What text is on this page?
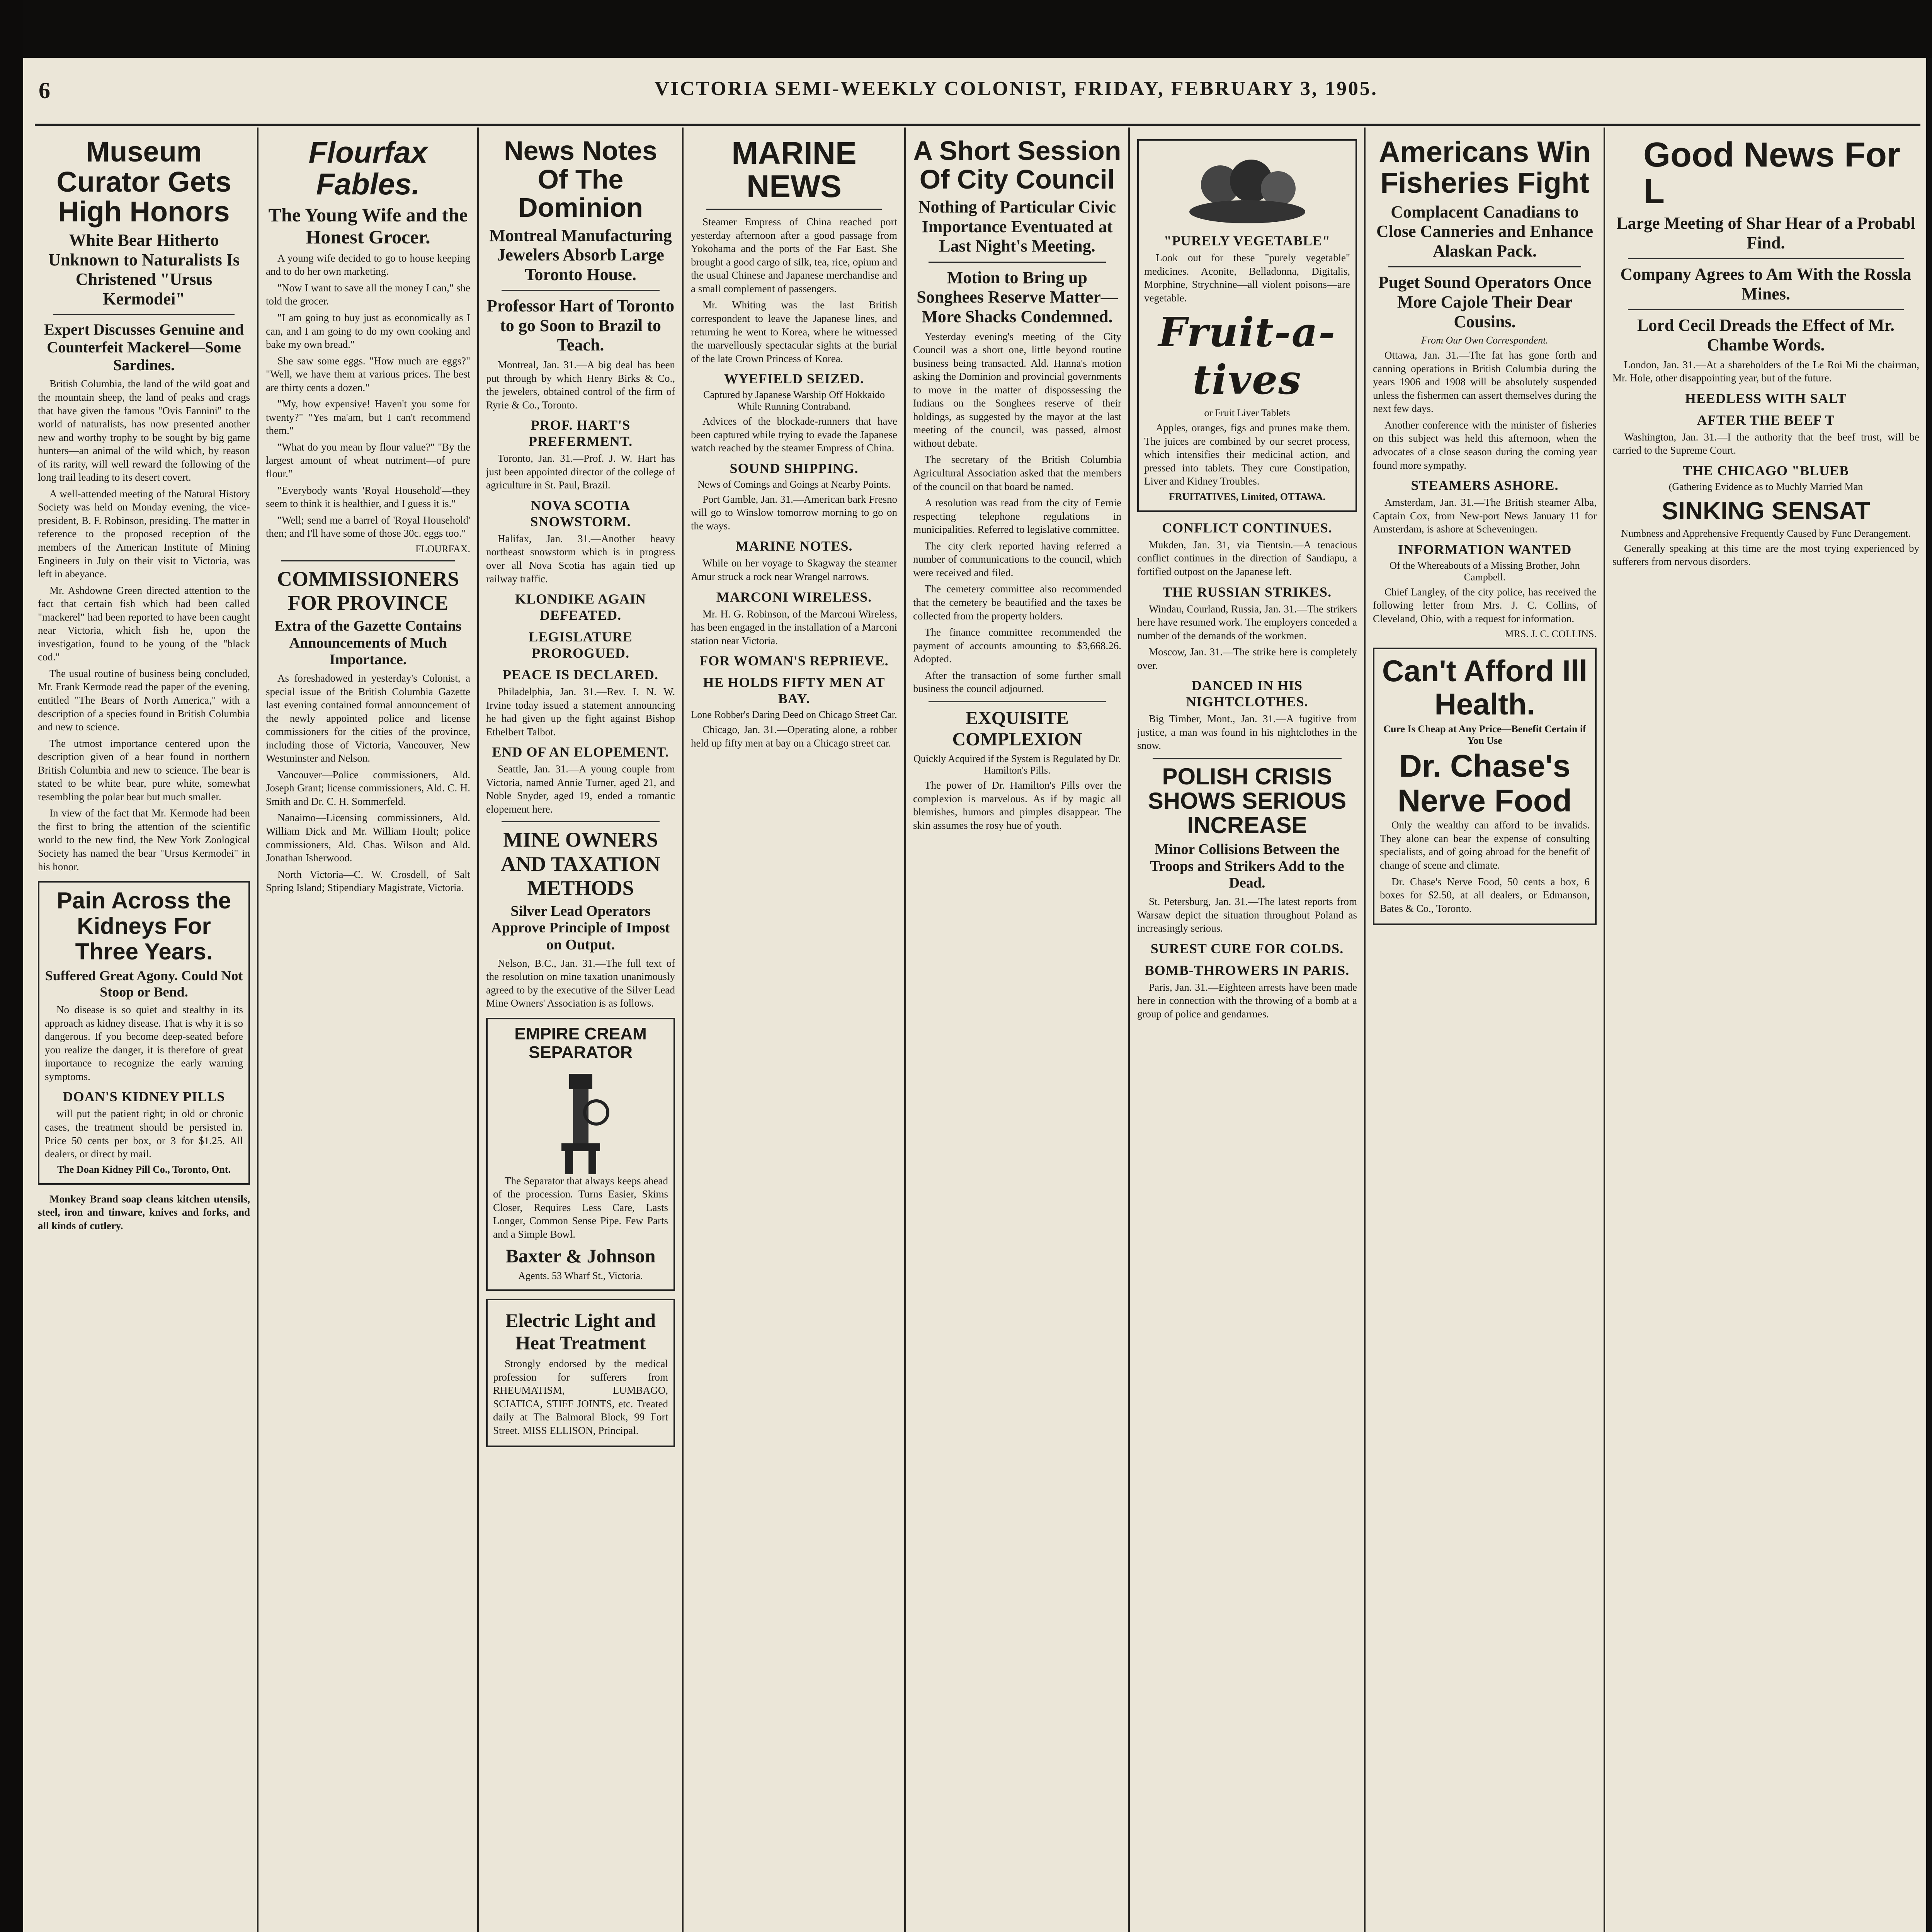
6	VICTORIA SEMI-WEEKLY COLONIST, FRIDAY, FEBRUARY 3, 1905.
Museum Curator Gets High Honors
White Bear Hitherto Unknown to Naturalists Is Christened "Ursus Kermodei"
Expert Discusses Genuine and Counterfeit Mackerel—Some Sardines.

British Columbia, the land of the wild goat and the mountain sheep, the land of peaks and crags that have given the famous "Ovis Fannini" to the world of naturalists, has now presented another new and worthy trophy to be sought by big game hunters—an animal of the wild which, by reason of its rarity, will well reward the following of the long trail leading to its desert covert.

A well-attended meeting of the Natural History Society was held on Monday evening, the vice-president, B. F. Robinson, presiding. The matter in reference to the proposed reception of the members of the American Institute of Mining Engineers in July on their visit to Victoria, was left in abeyance.

Mr. Ashdowne Green directed attention to the fact that certain fish which had been called "mackerel" had been reported to have been caught near Victoria, which fish he, upon the investigation, found to be young of the "black cod."

The usual routine of business being concluded, Mr. Frank Kermode read the paper of the evening, entitled "The Bears of North America," with a description of a species found in British Columbia and new to science.

The utmost importance centered upon the description given of a bear found in northern British Columbia and new to science. The bear is stated to be white bear, pure white, somewhat resembling the polar bear but much smaller.

In view of the fact that Mr. Kermode had been the first to bring the attention of the scientific world to the new find, the New York Zoological Society has named the bear "Ursus Kermodei" in his honor.

Pain Across the Kidneys For Three Years.
Suffered Great Agony. Could Not Stoop or Bend.

No disease is so quiet and stealthy in its approach as kidney disease. That is why it is so dangerous. If you become deep-seated before you realize the danger, it is therefore of great importance to recognize the early warning symptoms.

DOAN'S KIDNEY PILLS

will put the patient right; in old or chronic cases, the treatment should be persisted in. Price 50 cents per box, or 3 for $1.25. All dealers, or direct by mail.

The Doan Kidney Pill Co., Toronto, Ont.

Monkey Brand soap cleans kitchen utensils, steel, iron and tinware, knives and forks, and all kinds of cutlery.

Flourfax Fables.
The Young Wife and the Honest Grocer.

A young wife decided to go to house keeping and to do her own marketing.

"Now I want to save all the money I can," she told the grocer.

"I am going to buy just as economically as I can, and I am going to do my own cooking and bake my own bread."

She saw some eggs. "How much are eggs?" "Well, we have them at various prices. The best are thirty cents a dozen."

"My, how expensive! Haven't you some for twenty?" "Yes ma'am, but I can't recommend them."

"What do you mean by flour value?" "By the largest amount of wheat nutriment—of pure flour."

"Everybody wants 'Royal Household'—they seem to think it is healthier, and I guess it is."

"Well; send me a barrel of 'Royal Household' then; and I'll have some of those 30c. eggs too."

FLOURFAX.
COMMISSIONERS FOR PROVINCE
Extra of the Gazette Contains Announcements of Much Importance.

As foreshadowed in yesterday's Colonist, a special issue of the British Columbia Gazette last evening contained formal announcement of the newly appointed police and license commissioners for the cities of the province, including those of Victoria, Vancouver, New Westminster and Nelson.

Vancouver—Police commissioners, Ald. Joseph Grant; license commissioners, Ald. C. H. Smith and Dr. C. H. Sommerfeld.

Nanaimo—Licensing commissioners, Ald. William Dick and Mr. William Hoult; police commissioners, Ald. Chas. Wilson and Ald. Jonathan Isherwood.

North Victoria—C. W. Crosdell, of Salt Spring Island; Stipendiary Magistrate, Victoria.

News Notes Of The Dominion
Montreal Manufacturing Jewelers Absorb Large Toronto House.
Professor Hart of Toronto to go Soon to Brazil to Teach.

Montreal, Jan. 31.—A big deal has been put through by which Henry Birks & Co., the jewelers, obtained control of the firm of Ryrie & Co., Toronto.

PROF. HART'S PREFERMENT.

Toronto, Jan. 31.—Prof. J. W. Hart has just been appointed director of the college of agriculture in St. Paul, Brazil.

NOVA SCOTIA SNOWSTORM.

Halifax, Jan. 31.—Another heavy northeast snowstorm which is in progress over all Nova Scotia has again tied up railway traffic.

KLONDIKE AGAIN DEFEATED.
LEGISLATURE PROROGUED.
PEACE IS DECLARED.

Philadelphia, Jan. 31.—Rev. I. N. W. Irvine today issued a statement announcing he had given up the fight against Bishop Ethelbert Talbot.

END OF AN ELOPEMENT.

Seattle, Jan. 31.—A young couple from Victoria, named Annie Turner, aged 21, and Noble Snyder, aged 19, ended a romantic elopement here.

MINE OWNERS AND TAXATION METHODS
Silver Lead Operators Approve Principle of Impost on Output.

Nelson, B.C., Jan. 31.—The full text of the resolution on mine taxation unanimously agreed to by the executive of the Silver Lead Mine Owners' Association is as follows.

EMPIRE CREAM SEPARATOR

The Separator that always keeps ahead of the procession. Turns Easier, Skims Closer, Requires Less Care, Lasts Longer, Common Sense Pipe. Few Parts and a Simple Bowl.

Baxter & Johnson
Agents. 53 Wharf St., Victoria.
Electric Light and Heat Treatment

Strongly endorsed by the medical profession for sufferers from RHEUMATISM, LUMBAGO, SCIATICA, STIFF JOINTS, etc. Treated daily at The Balmoral Block, 99 Fort Street. MISS ELLISON, Principal.

MARINE NEWS

Steamer Empress of China reached port yesterday afternoon after a good passage from Yokohama and the ports of the Far East. She brought a good cargo of silk, tea, rice, opium and the usual Chinese and Japanese merchandise and a small complement of passengers.

Mr. Whiting was the last British correspondent to leave the Japanese lines, and returning he went to Korea, where he witnessed the marvellously spectacular sights at the burial of the late Crown Princess of Korea.

WYEFIELD SEIZED.
Captured by Japanese Warship Off Hokkaido While Running Contraband.

Advices of the blockade-runners that have been captured while trying to evade the Japanese watch reached by the steamer Empress of China.

SOUND SHIPPING.
News of Comings and Goings at Nearby Points.

Port Gamble, Jan. 31.—American bark Fresno will go to Winslow tomorrow morning to go on the ways.

MARINE NOTES.

While on her voyage to Skagway the steamer Amur struck a rock near Wrangel narrows.

MARCONI WIRELESS.

Mr. H. G. Robinson, of the Marconi Wireless, has been engaged in the installation of a Marconi station near Victoria.

FOR WOMAN'S REPRIEVE.
HE HOLDS FIFTY MEN AT BAY.
Lone Robber's Daring Deed on Chicago Street Car.

Chicago, Jan. 31.—Operating alone, a robber held up fifty men at bay on a Chicago street car.

A Short Session Of City Council
Nothing of Particular Civic Importance Eventuated at Last Night's Meeting.
Motion to Bring up Songhees Reserve Matter—More Shacks Condemned.

Yesterday evening's meeting of the City Council was a short one, little beyond routine business being transacted. Ald. Hanna's motion asking the Dominion and provincial governments to move in the matter of dispossessing the Indians on the Songhees reserve of their holdings, as suggested by the mayor at the last meeting of the council, was passed, almost without debate.

The secretary of the British Columbia Agricultural Association asked that the members of the council on that board be named.

A resolution was read from the city of Fernie respecting telephone regulations in municipalities. Referred to legislative committee.

The city clerk reported having referred a number of communications to the council, which were received and filed.

The cemetery committee also recommended that the cemetery be beautified and the taxes be collected from the property holders.

The finance committee recommended the payment of accounts amounting to $3,668.26. Adopted.

After the transaction of some further small business the council adjourned.

EXQUISITE COMPLEXION
Quickly Acquired if the System is Regulated by Dr. Hamilton's Pills.

The power of Dr. Hamilton's Pills over the complexion is marvelous. As if by magic all blemishes, humors and pimples disappear. The skin assumes the rosy hue of youth.

"PURELY VEGETABLE"

Look out for these "purely vegetable" medicines. Aconite, Belladonna, Digitalis, Morphine, Strychnine—all violent poisons—are vegetable.

Fruit-a-tives
or Fruit Liver Tablets

Apples, oranges, figs and prunes make them. The juices are combined by our secret process, which intensifies their medicinal action, and pressed into tablets. They cure Constipation, Liver and Kidney Troubles.

FRUITATIVES, Limited, OTTAWA.
CONFLICT CONTINUES.

Mukden, Jan. 31, via Tientsin.—A tenacious conflict continues in the direction of Sandiapu, a fortified outpost on the Japanese left.

THE RUSSIAN STRIKES.

Windau, Courland, Russia, Jan. 31.—The strikers here have resumed work. The employers conceded a number of the demands of the workmen.

Moscow, Jan. 31.—The strike here is completely over.

DANCED IN HIS NIGHTCLOTHES.

Big Timber, Mont., Jan. 31.—A fugitive from justice, a man was found in his nightclothes in the snow.

POLISH CRISIS SHOWS SERIOUS INCREASE
Minor Collisions Between the Troops and Strikers Add to the Dead.

St. Petersburg, Jan. 31.—The latest reports from Warsaw depict the situation throughout Poland as increasingly serious.

SUREST CURE FOR COLDS.
BOMB-THROWERS IN PARIS.

Paris, Jan. 31.—Eighteen arrests have been made here in connection with the throwing of a bomb at a group of police and gendarmes.

Americans Win Fisheries Fight
Complacent Canadians to Close Canneries and Enhance Alaskan Pack.
Puget Sound Operators Once More Cajole Their Dear Cousins.
From Our Own Correspondent.

Ottawa, Jan. 31.—The fat has gone forth and canning operations in British Columbia during the years 1906 and 1908 will be absolutely suspended unless the fishermen can assert themselves during the next few days.

Another conference with the minister of fisheries on this subject was held this afternoon, when the advocates of a close season during the coming year found more sympathy.

STEAMERS ASHORE.

Amsterdam, Jan. 31.—The British steamer Alba, Captain Cox, from New-port News January 11 for Amsterdam, is ashore at Scheveningen.

INFORMATION WANTED
Of the Whereabouts of a Missing Brother, John Campbell.

Chief Langley, of the city police, has received the following letter from Mrs. J. C. Collins, of Cleveland, Ohio, with a request for information.

MRS. J. C. COLLINS.
Can't Afford Ill Health.
Cure Is Cheap at Any Price—Benefit Certain if You Use
Dr. Chase's Nerve Food

Only the wealthy can afford to be invalids. They alone can bear the expense of consulting specialists, and of going abroad for the benefit of change of scene and climate.

Dr. Chase's Nerve Food, 50 cents a box, 6 boxes for $2.50, at all dealers, or Edmanson, Bates & Co., Toronto.

Good News For L
Large Meeting of Shar Hear of a Probabl Find.
Company Agrees to Am With the Rossla Mines.
Lord Cecil Dreads the Effect of Mr. Chambe Words.

London, Jan. 31.—At a shareholders of the Le Roi Mi the chairman, Mr. Hole, other disappointing year, but of the future.

HEEDLESS WITH SALT
AFTER THE BEEF T

Washington, Jan. 31.—I the authority that the beef trust, will be carried to the Supreme Court.

THE CHICAGO "BLUEB
(Gathering Evidence as to Muchly Married Man
SINKING SENSAT
Numbness and Apprehensive Frequently Caused by Func Derangement.

Generally speaking at this time are the most trying experienced by sufferers from nervous disorders.
